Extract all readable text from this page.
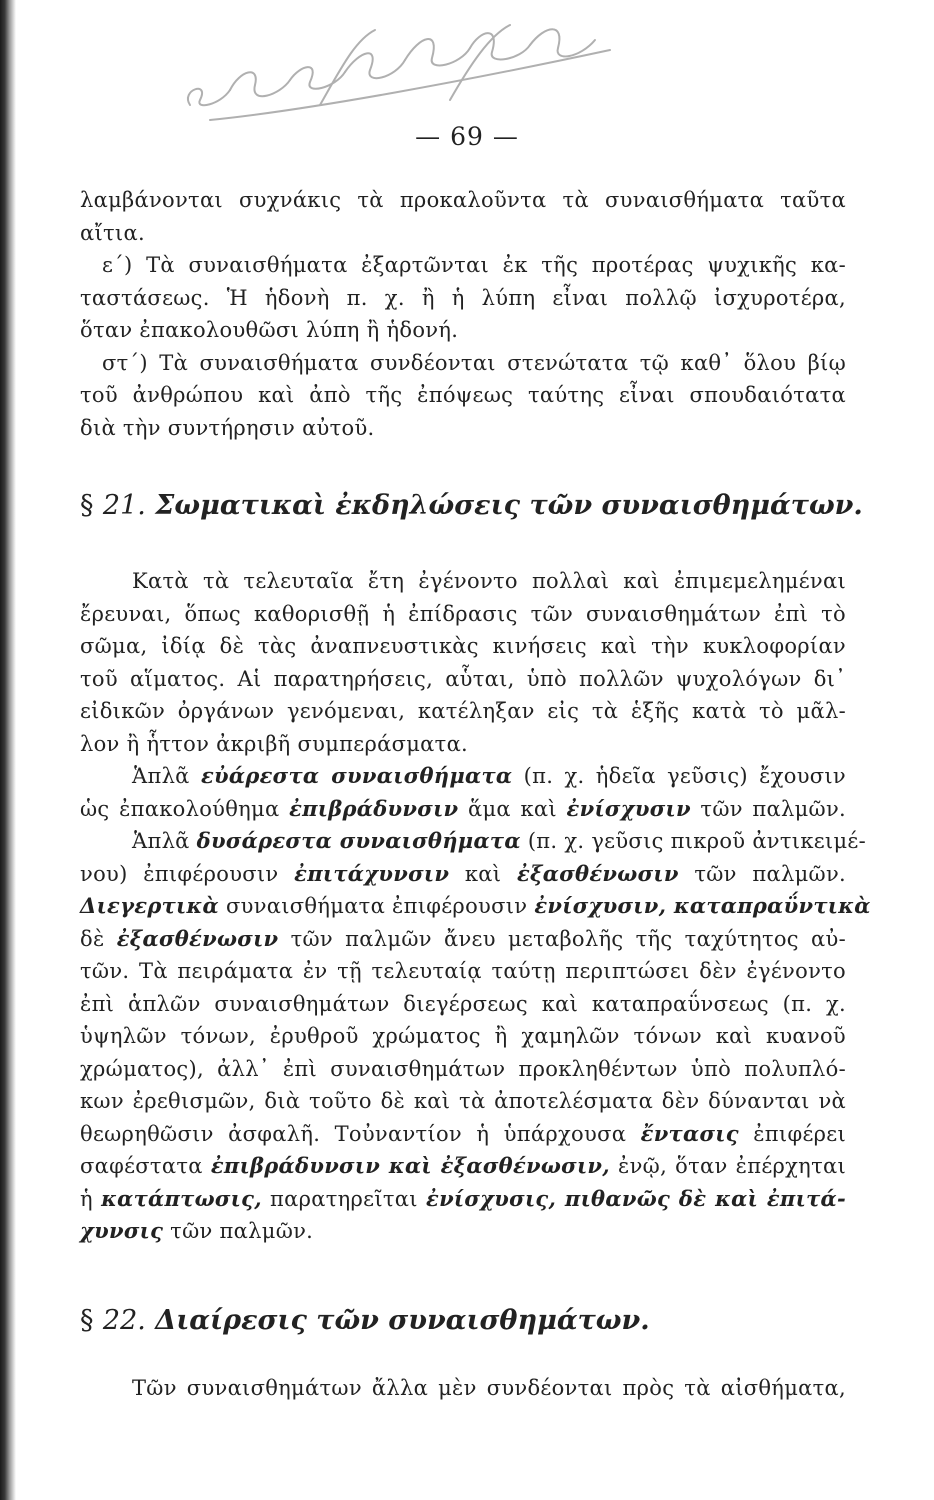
— 69 —
λαμβάνονται συχνάκις τὰ προκαλοῦντα τὰ συναισθήματα ταῦτα
αἴτια.
ε΄) Τὰ συναισθήματα ἐξαρτῶνται ἐκ τῆς προτέρας ψυχικῆς κα-
ταστάσεως. Ἡ ἡδονὴ π. χ. ἢ ἡ λύπη εἶναι πολλῷ ἰσχυροτέρα,
ὅταν ἐπακολουθῶσι λύπη ἢ ἡδονή.
στ΄) Τὰ συναισθήματα συνδέονται στενώτατα τῷ καθ᾿ ὅλου βίῳ
τοῦ ἀνθρώπου καὶ ἀπὸ τῆς ἐπόψεως ταύτης εἶναι σπουδαιότατα
διὰ τὴν συντήρησιν αὐτοῦ.
§ 21. Σωματικαὶ ἐκδηλώσεις τῶν συναισθημάτων.
Κατὰ τὰ τελευταῖα ἔτη ἐγένοντο πολλαὶ καὶ ἐπιμεμελημέναι
ἔρευναι, ὅπως καθορισθῇ ἡ ἐπίδρασις τῶν συναισθημάτων ἐπὶ τὸ
σῶμα, ἰδίᾳ δὲ τὰς ἀναπνευστικὰς κινήσεις καὶ τὴν κυκλοφορίαν
τοῦ αἵματος. Αἱ παρατηρήσεις, αὗται, ὑπὸ πολλῶν ψυχολόγων δι᾿
εἰδικῶν ὀργάνων γενόμεναι, κατέληξαν εἰς τὰ ἑξῆς κατὰ τὸ μᾶλ-
λον ἢ ἧττον ἀκριβῆ συμπεράσματα.
Ἁπλᾶ εὐάρεστα συναισθήματα (π. χ. ἡδεῖα γεῦσις) ἔχουσιν
ὡς ἐπακολούθημα ἐπιβράδυνσιν ἅμα καὶ ἐνίσχυσιν τῶν παλμῶν.
Ἁπλᾶ δυσάρεστα συναισθήματα (π. χ. γεῦσις πικροῦ ἀντικειμέ-
νου) ἐπιφέρουσιν ἐπιτάχυνσιν καὶ ἐξασθένωσιν τῶν παλμῶν.
Διεγερτικὰ συναισθήματα ἐπιφέρουσιν ἐνίσχυσιν, καταπραΰντικὰ
δὲ ἐξασθένωσιν τῶν παλμῶν ἄνευ μεταβολῆς τῆς ταχύτητος αὐ-
τῶν. Τὰ πειράματα ἐν τῇ τελευταίᾳ ταύτῃ περιπτώσει δὲν ἐγένοντο
ἐπὶ ἁπλῶν συναισθημάτων διεγέρσεως καὶ καταπραΰνσεως (π. χ.
ὑψηλῶν τόνων, ἐρυθροῦ χρώματος ἢ χαμηλῶν τόνων καὶ κυανοῦ
χρώματος), ἀλλ᾿ ἐπὶ συναισθημάτων προκληθέντων ὑπὸ πολυπλό-
κων ἐρεθισμῶν, διὰ τοῦτο δὲ καὶ τὰ ἀποτελέσματα δὲν δύνανται νὰ
θεωρηθῶσιν ἀσφαλῆ. Τοὐναντίον ἡ ὑπάρχουσα ἔντασις ἐπιφέρει
σαφέστατα ἐπιβράδυνσιν καὶ ἐξασθένωσιν, ἐνῷ, ὅταν ἐπέρχηται
ἡ κατάπτωσις, παρατηρεῖται ἐνίσχυσις, πιθανῶς δὲ καὶ ἐπιτά-
χυνσις τῶν παλμῶν.
§ 22. Διαίρεσις τῶν συναισθημάτων.
Τῶν συναισθημάτων ἄλλα μὲν συνδέονται πρὸς τὰ αἰσθήματα,
